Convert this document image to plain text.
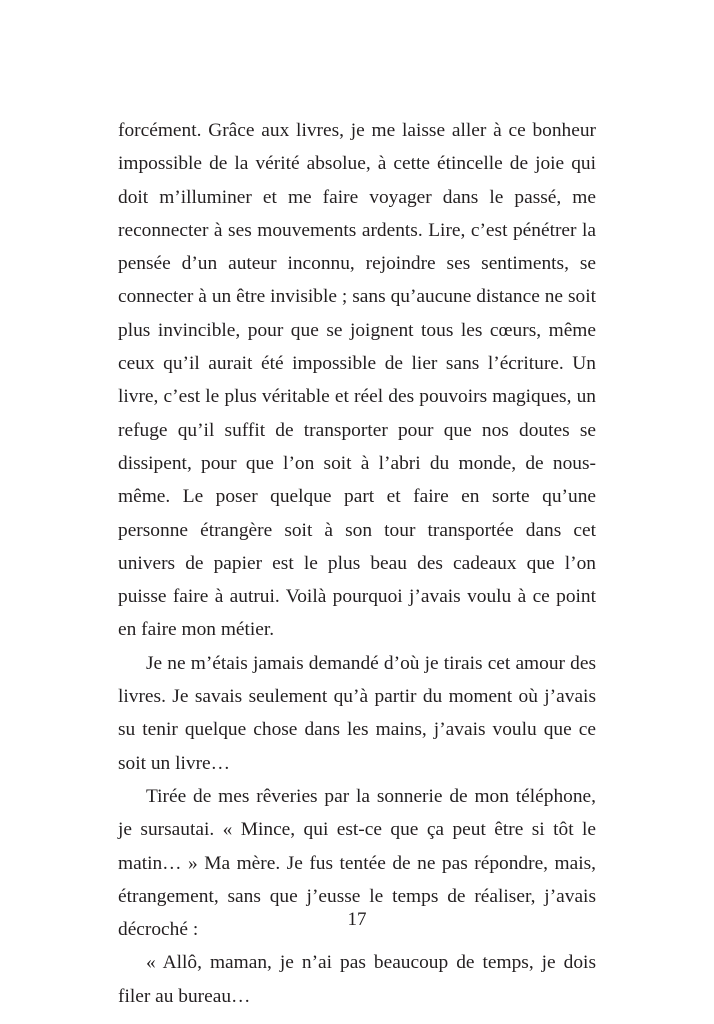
forcément. Grâce aux livres, je me laisse aller à ce bonheur impossible de la vérité absolue, à cette étincelle de joie qui doit m’illuminer et me faire voyager dans le passé, me reconnecter à ses mouvements ardents. Lire, c’est pénétrer la pensée d’un auteur inconnu, rejoindre ses sentiments, se connecter à un être invisible ; sans qu’aucune distance ne soit plus invincible, pour que se joignent tous les cœurs, même ceux qu’il aurait été impossible de lier sans l’écriture. Un livre, c’est le plus véritable et réel des pouvoirs magiques, un refuge qu’il suffit de transporter pour que nos doutes se dissipent, pour que l’on soit à l’abri du monde, de nous-même. Le poser quelque part et faire en sorte qu’une personne étrangère soit à son tour transportée dans cet univers de papier est le plus beau des cadeaux que l’on puisse faire à autrui. Voilà pourquoi j’avais voulu à ce point en faire mon métier.

Je ne m’étais jamais demandé d’où je tirais cet amour des livres. Je savais seulement qu’à partir du moment où j’avais su tenir quelque chose dans les mains, j’avais voulu que ce soit un livre…

Tirée de mes rêveries par la sonnerie de mon téléphone, je sursautai. « Mince, qui est-ce que ça peut être si tôt le matin… » Ma mère. Je fus tentée de ne pas répondre, mais, étrangement, sans que j’eusse le temps de réaliser, j’avais décroché :

« Allô, maman, je n’ai pas beaucoup de temps, je dois filer au bureau…

17
